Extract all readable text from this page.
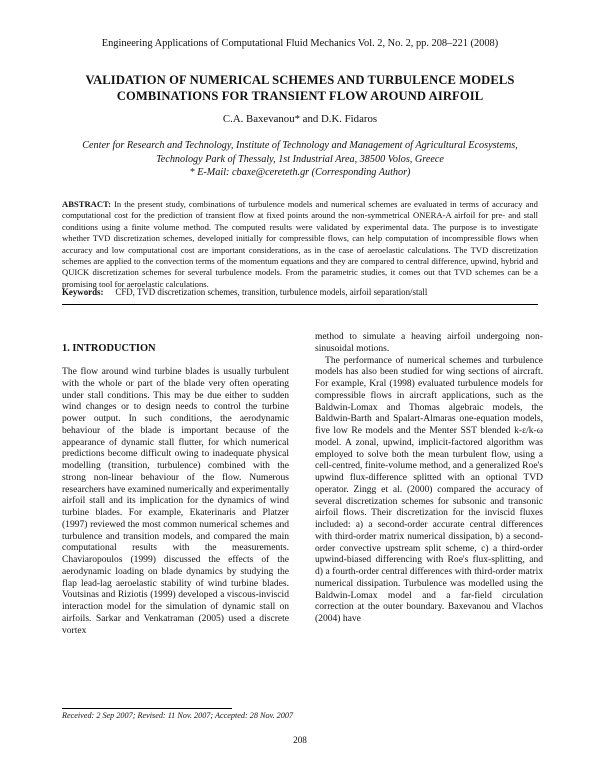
Engineering Applications of Computational Fluid Mechanics Vol. 2, No. 2, pp. 208–221 (2008)
VALIDATION OF NUMERICAL SCHEMES AND TURBULENCE MODELS
COMBINATIONS FOR TRANSIENT FLOW AROUND AIRFOIL
C.A. Baxevanou* and D.K. Fidaros
Center for Research and Technology, Institute of Technology and Management of Agricultural Ecosystems,
Technology Park of Thessaly, 1st Industrial Area, 38500 Volos, Greece
* E-Mail: cbaxe@cereteth.gr (Corresponding Author)
ABSTRACT: In the present study, combinations of turbulence models and numerical schemes are evaluated in terms of accuracy and computational cost for the prediction of transient flow at fixed points around the non-symmetrical ONERA-A airfoil for pre- and stall conditions using a finite volume method. The computed results were validated by experimental data. The purpose is to investigate whether TVD discretization schemes, developed initially for compressible flows, can help computation of incompressible flows when accuracy and low computational cost are important considerations, as in the case of aeroelastic calculations. The TVD discretization schemes are applied to the convection terms of the momentum equations and they are compared to central difference, upwind, hybrid and QUICK discretization schemes for several turbulence models. From the parametric studies, it comes out that TVD schemes can be a promising tool for aeroelastic calculations.
Keywords: CFD, TVD discretization schemes, transition, turbulence models, airfoil separation/stall
1. INTRODUCTION

The flow around wind turbine blades is usually turbulent with the whole or part of the blade very often operating under stall conditions. This may be due either to sudden wind changes or to design needs to control the turbine power output. In such conditions, the aerodynamic behaviour of the blade is important because of the appearance of dynamic stall flutter, for which numerical predictions become difficult owing to inadequate physical modelling (transition, turbulence) combined with the strong non-linear behaviour of the flow. Numerous researchers have examined numerically and experimentally airfoil stall and its implication for the dynamics of wind turbine blades. For example, Ekaterinaris and Platzer (1997) reviewed the most common numerical schemes and turbulence and transition models, and compared the main computational results with the measurements. Chaviaropoulos (1999) discussed the effects of the aerodynamic loading on blade dynamics by studying the flap lead-lag aeroelastic stability of wind turbine blades. Voutsinas and Riziotis (1999) developed a viscous-inviscid interaction model for the simulation of dynamic stall on airfoils. Sarkar and Venkatraman (2005) used a discrete vortex

method to simulate a heaving airfoil undergoing non-sinusoidal motions.

The performance of numerical schemes and turbulence models has also been studied for wing sections of aircraft. For example, Kral (1998) evaluated turbulence models for compressible flows in aircraft applications, such as the Baldwin-Lomax and Thomas algebraic models, the Baldwin-Barth and Spalart-Almaras one-equation models, five low Re models and the Menter SST blended k-ε/k-ω model. A zonal, upwind, implicit-factored algorithm was employed to solve both the mean turbulent flow, using a cell-centred, finite-volume method, and a generalized Roe's upwind flux-difference splitted with an optional TVD operator. Zingg et al. (2000) compared the accuracy of several discretization schemes for subsonic and transonic airfoil flows. Their discretization for the inviscid fluxes included: a) a second-order accurate central differences with third-order matrix numerical dissipation, b) a second-order convective upstream split scheme, c) a third-order upwind-biased differencing with Roe's flux-splitting, and d) a fourth-order central differences with third-order matrix numerical dissipation. Turbulence was modelled using the Baldwin-Lomax model and a far-field circulation correction at the outer boundary. Baxevanou and Vlachos (2004) have

Received: 2 Sep 2007; Revised: 11 Nov. 2007; Accepted: 28 Nov. 2007
208
